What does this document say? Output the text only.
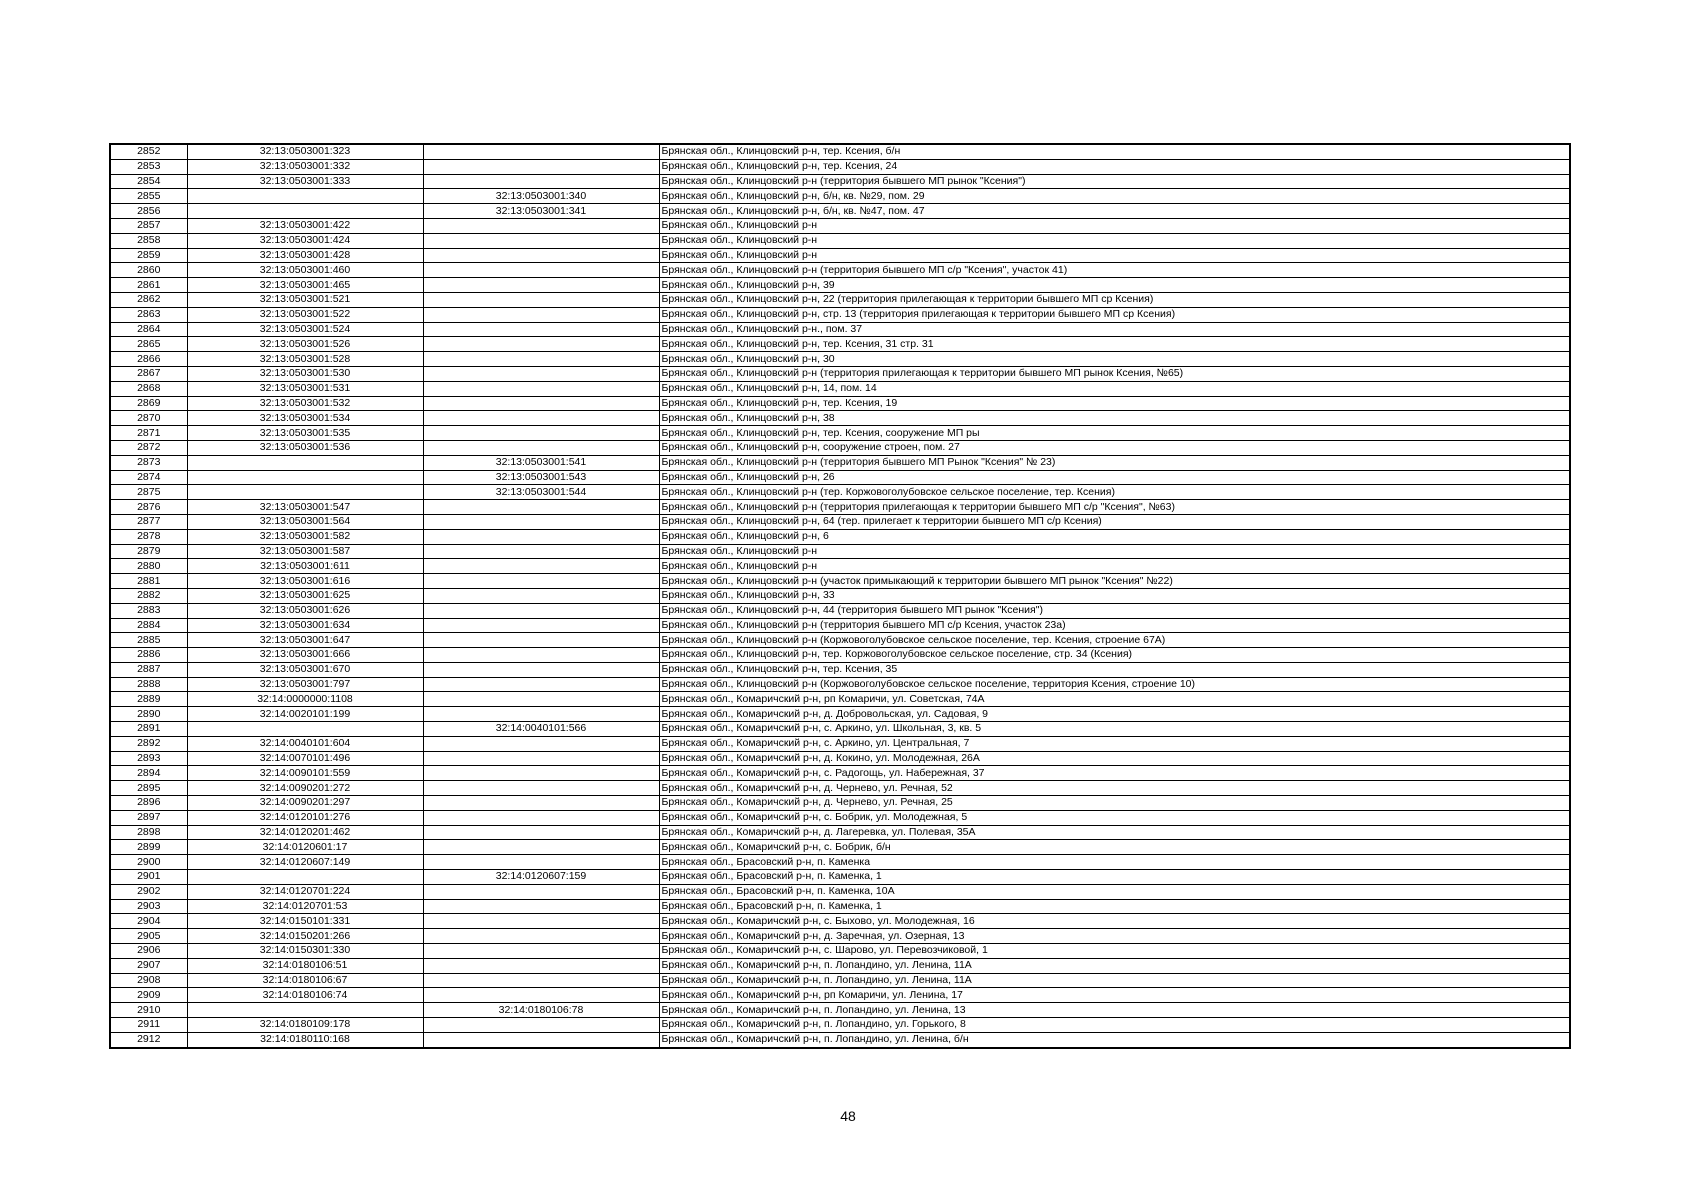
2852	32:13:0503001:323		Брянская обл., Клинцовский р-н, тер. Ксения, б/н
2853	32:13:0503001:332		Брянская обл., Клинцовский р-н, тер. Ксения, 24
2854	32:13:0503001:333		Брянская обл., Клинцовский р-н (территория бывшего МП рынок "Ксения")
2855		32:13:0503001:340	Брянская обл., Клинцовский р-н, б/н, кв. №29, пом. 29
2856		32:13:0503001:341	Брянская обл., Клинцовский р-н, б/н, кв. №47, пом. 47
2857	32:13:0503001:422		Брянская обл., Клинцовский р-н
2858	32:13:0503001:424		Брянская обл., Клинцовский р-н
2859	32:13:0503001:428		Брянская обл., Клинцовский р-н
2860	32:13:0503001:460		Брянская обл., Клинцовский р-н (территория бывшего МП с/р "Ксения", участок 41)
2861	32:13:0503001:465		Брянская обл., Клинцовский р-н, 39
2862	32:13:0503001:521		Брянская обл., Клинцовский р-н, 22 (территория прилегающая к территории бывшего МП ср Ксения)
2863	32:13:0503001:522		Брянская обл., Клинцовский р-н, стр. 13 (территория прилегающая к территории бывшего МП ср Ксения)
2864	32:13:0503001:524		Брянская обл., Клинцовский р-н., пом. 37
2865	32:13:0503001:526		Брянская обл., Клинцовский р-н, тер. Ксения, 31 стр. 31
2866	32:13:0503001:528		Брянская обл., Клинцовский р-н, 30
2867	32:13:0503001:530		Брянская обл., Клинцовский р-н (территория прилегающая к территории бывшего МП рынок Ксения, №65)
2868	32:13:0503001:531		Брянская обл., Клинцовский р-н, 14, пом. 14
2869	32:13:0503001:532		Брянская обл., Клинцовский р-н, тер. Ксения, 19
2870	32:13:0503001:534		Брянская обл., Клинцовский р-н, 38
2871	32:13:0503001:535		Брянская обл., Клинцовский р-н, тер. Ксения, сооружение МП ры
2872	32:13:0503001:536		Брянская обл., Клинцовский р-н, сооружение строен, пом. 27
2873		32:13:0503001:541	Брянская обл., Клинцовский р-н (территория бывшего МП Рынок "Ксения" № 23)
2874		32:13:0503001:543	Брянская обл., Клинцовский р-н, 26
2875		32:13:0503001:544	Брянская обл., Клинцовский р-н (тер. Коржовоголубовское сельское поселение, тер. Ксения)
2876	32:13:0503001:547		Брянская обл., Клинцовский р-н (территория прилегающая к территории бывшего МП с/р "Ксения", №63)
2877	32:13:0503001:564		Брянская обл., Клинцовский р-н, 64 (тер. прилегает к территории бывшего МП с/р Ксения)
2878	32:13:0503001:582		Брянская обл., Клинцовский р-н, 6
2879	32:13:0503001:587		Брянская обл., Клинцовский р-н
2880	32:13:0503001:611		Брянская обл., Клинцовский р-н
2881	32:13:0503001:616		Брянская обл., Клинцовский р-н (участок примыкающий к территории бывшего МП рынок "Ксения" №22)
2882	32:13:0503001:625		Брянская обл., Клинцовский р-н, 33
2883	32:13:0503001:626		Брянская обл., Клинцовский р-н, 44 (территория бывшего МП рынок "Ксения")
2884	32:13:0503001:634		Брянская обл., Клинцовский р-н (территория бывшего МП с/р Ксения, участок 23а)
2885	32:13:0503001:647		Брянская обл., Клинцовский р-н (Коржовоголубовское сельское поселение, тер. Ксения, строение 67А)
2886	32:13:0503001:666		Брянская обл., Клинцовский р-н, тер. Коржовоголубовское сельское поселение, стр. 34 (Ксения)
2887	32:13:0503001:670		Брянская обл., Клинцовский р-н, тер. Ксения, 35
2888	32:13:0503001:797		Брянская обл., Клинцовский р-н (Коржовоголубовское сельское поселение, территория Ксения, строение 10)
2889	32:14:0000000:1108		Брянская обл., Комаричский р-н, рп Комаричи, ул. Советская, 74А
2890	32:14:0020101:199		Брянская обл., Комаричский р-н, д. Добровольская, ул. Садовая, 9
2891		32:14:0040101:566	Брянская обл., Комаричский р-н, с. Аркино, ул. Школьная, 3, кв. 5
2892	32:14:0040101:604		Брянская обл., Комаричский р-н, с. Аркино, ул. Центральная, 7
2893	32:14:0070101:496		Брянская обл., Комаричский р-н, д. Кокино, ул. Молодежная, 26А
2894	32:14:0090101:559		Брянская обл., Комаричский р-н, с. Радогощь, ул. Набережная, 37
2895	32:14:0090201:272		Брянская обл., Комаричский р-н, д. Чернево, ул. Речная, 52
2896	32:14:0090201:297		Брянская обл., Комаричский р-н, д. Чернево, ул. Речная, 25
2897	32:14:0120101:276		Брянская обл., Комаричский р-н, с. Бобрик, ул. Молодежная, 5
2898	32:14:0120201:462		Брянская обл., Комаричский р-н, д. Лагеревка, ул. Полевая, 35А
2899	32:14:0120601:17		Брянская обл., Комаричский р-н, с. Бобрик, б/н
2900	32:14:0120607:149		Брянская обл., Брасовский р-н, п. Каменка
2901		32:14:0120607:159	Брянская обл., Брасовский р-н, п. Каменка, 1
2902	32:14:0120701:224		Брянская обл., Брасовский р-н, п. Каменка, 10А
2903	32:14:0120701:53		Брянская обл., Брасовский р-н, п. Каменка, 1
2904	32:14:0150101:331		Брянская обл., Комаричский р-н, с. Быхово, ул. Молодежная, 16
2905	32:14:0150201:266		Брянская обл., Комаричский р-н, д. Заречная, ул. Озерная, 13
2906	32:14:0150301:330		Брянская обл., Комаричский р-н, с. Шарово, ул. Перевозчиковой, 1
2907	32:14:0180106:51		Брянская обл., Комаричский р-н, п. Лопандино, ул. Ленина, 11А
2908	32:14:0180106:67		Брянская обл., Комаричский р-н, п. Лопандино, ул. Ленина, 11А
2909	32:14:0180106:74		Брянская обл., Комаричский р-н, рп Комаричи, ул. Ленина, 17
2910		32:14:0180106:78	Брянская обл., Комаричский р-н, п. Лопандино, ул. Ленина, 13
2911	32:14:0180109:178		Брянская обл., Комаричский р-н, п. Лопандино, ул. Горького, 8
2912	32:14:0180110:168		Брянская обл., Комаричский р-н, п. Лопандино, ул. Ленина, б/н
48
